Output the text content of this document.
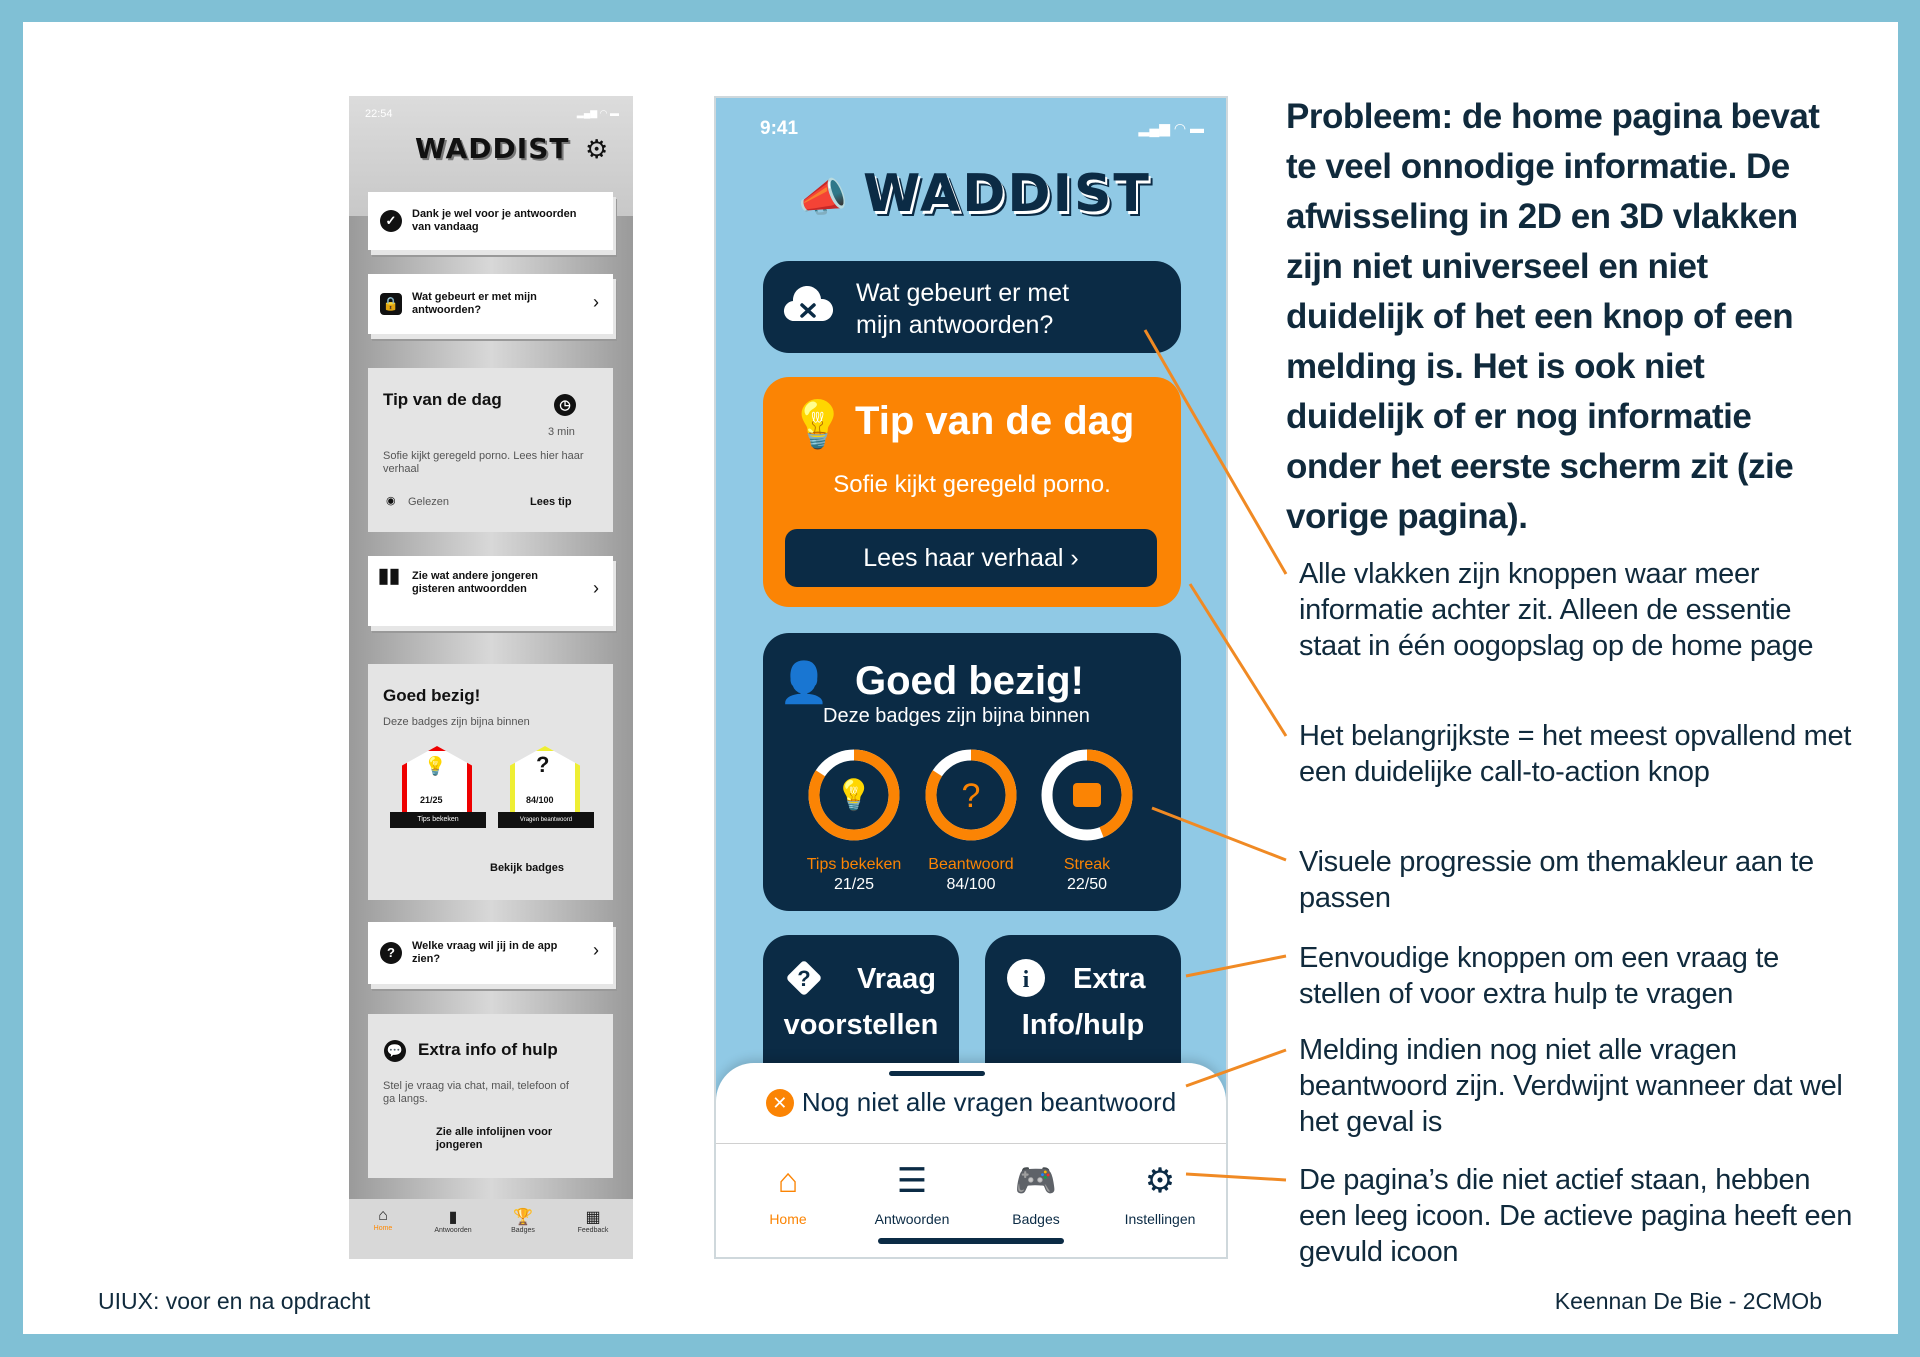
22:54	▂▄▆ ◠ ▬
WADDIST ⚙
✓	Dank je wel voor je antwoorden van vandaag
🔒 Wat gebeurt er met mijn antwoorden?	›
Tip van de dag	◷
3 min
Sofie kijkt geregeld porno. Lees hier haar verhaal
Gelezen
◉	Lees tip
▮▮ Zie wat andere jongeren gisteren antwoordden	›
Goed bezig!
Deze badges zijn bijna binnen
💡
21/25
Tips bekeken
?
84/100
Vragen beantwoord
Bekijk badges
?	Welke vraag wil jij in de app zien?	›
Extra info of hulp
💬
Stel je vraag via chat, mail, telefoon of ga langs.
Zie alle infolijnen voor jongeren
⌂
Home
▮
Antwoorden
🏆
Badges
▦
Feedback
9:41	▂▄▆ ◠ ▬
📣 WADDIST
Wat gebeurt er met mijn antwoorden?
💡 Tip van de dag
Sofie kijkt geregeld porno.
Lees haar verhaal ›
👤 Goed bezig!
Deze badges zijn bijna binnen
💡	?
Tips bekeken
21/25
Beantwoord
84/100
Streak
22/50
? Vraag
voorstellen
i Extra
Info/hulp
✕ Nog niet alle vragen beantwoord
⌂
Home
☰
Antwoorden
🎮
Badges
⚙
Instellingen
Probleem: de home pagina bevat te veel onnodige informatie. De afwisseling in 2D en 3D vlakken zijn niet universeel en niet duidelijk of het een knop of een melding is. Het is ook niet duidelijk of er nog informatie onder het eerste scherm zit (zie vorige pagina).
Alle vlakken zijn knoppen waar meer informatie achter zit. Alleen de essentie staat in één oogopslag op de home page
Het belangrijkste = het meest opvallend met een duidelijke call-to-action knop
Visuele progressie om themakleur aan te passen
Eenvoudige knoppen om een vraag te stellen of voor extra hulp te vragen
Melding indien nog niet alle vragen beantwoord zijn. Verdwijnt wanneer dat wel het geval is
De pagina’s die niet actief staan, hebben een leeg icoon. De actieve pagina heeft een gevuld icoon
UIUX: voor en na opdracht	Keennan De Bie - 2CMOb
